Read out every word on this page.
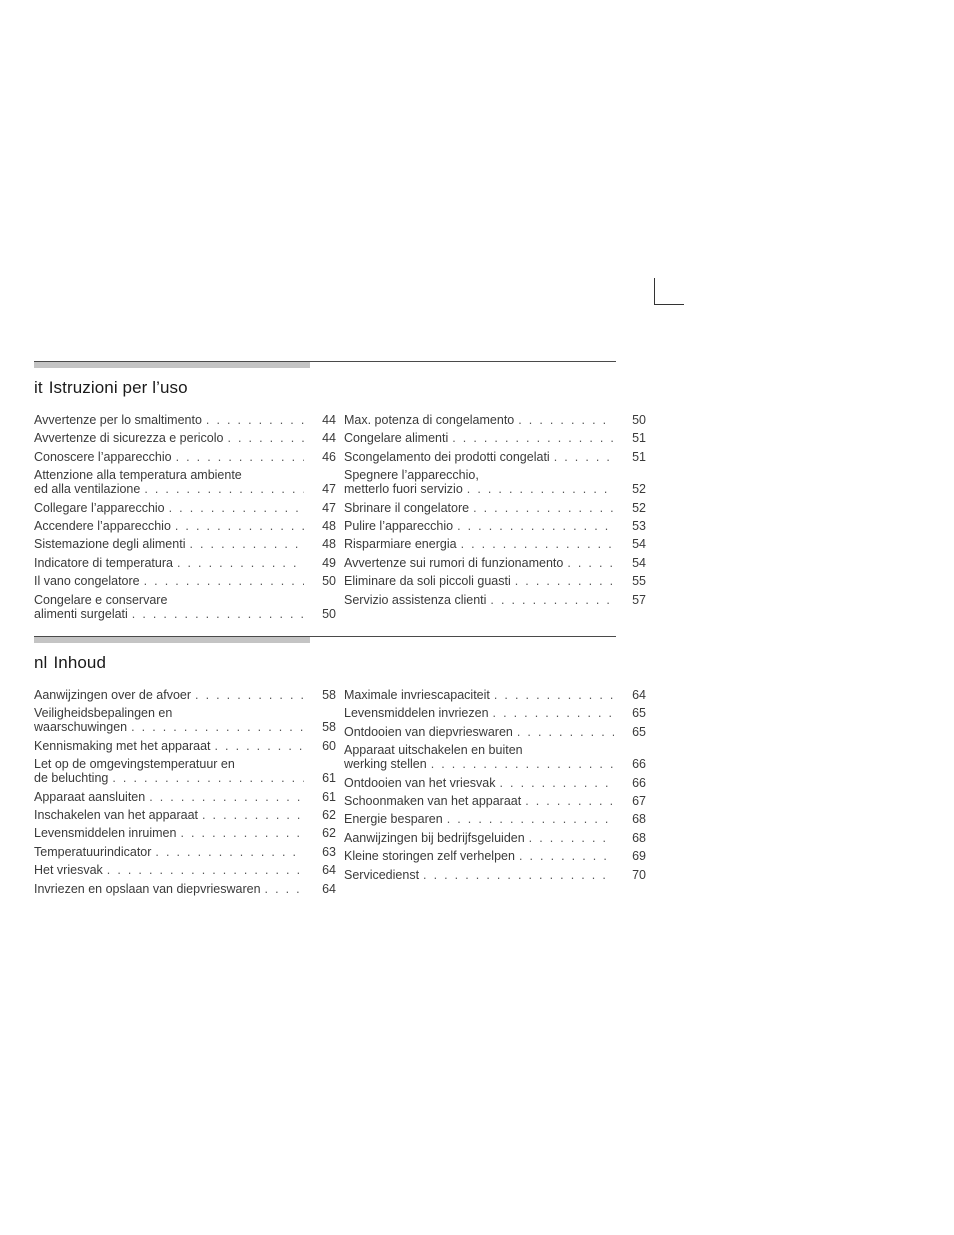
it Istruzioni per l’uso
Avvertenze per lo smaltimento . . .	44
Avvertenze di sicurezza e pericolo . . .	44
Conoscere l’apparecchio . . .	46
Attenzione alla temperatura ambiente
ed alla ventilazione . . .	47
Collegare l’apparecchio . . .	47
Accendere l’apparecchio . . .	48
Sistemazione degli alimenti . . .	48
Indicatore di temperatura . . .	49
Il vano congelatore . . .	50
Congelare e conservare
alimenti surgelati . . .	50
Max. potenza di congelamento . . .	50
Congelare alimenti . . .	51
Scongelamento dei prodotti congelati . . .	51
Spegnere l’apparecchio,
metterlo fuori servizio . . .	52
Sbrinare il congelatore . . .	52
Pulire l’apparecchio . . .	53
Risparmiare energia . . .	54
Avvertenze sui rumori di funzionamento . . .	54
Eliminare da soli piccoli guasti . . .	55
Servizio assistenza clienti . . .	57
nl Inhoud
Aanwijzingen over de afvoer . . .	58
Veiligheidsbepalingen en
waarschuwingen . . .	58
Kennismaking met het apparaat . . .	60
Let op de omgevingstemperatuur en
de beluchting . . .	61
Apparaat aansluiten . . .	61
Inschakelen van het apparaat . . .	62
Levensmiddelen inruimen . . .	62
Temperatuurindicator . . .	63
Het vriesvak . . .	64
Invriezen en opslaan van diepvrieswaren . . .	64
Maximale invriescapaciteit . . .	64
Levensmiddelen invriezen . . .	65
Ontdooien van diepvrieswaren . . .	65
Apparaat uitschakelen en buiten
werking stellen . . .	66
Ontdooien van het vriesvak . . .	66
Schoonmaken van het apparaat . . .	67
Energie besparen . . .	68
Aanwijzingen bij bedrijfsgeluiden . . .	68
Kleine storingen zelf verhelpen . . .	69
Servicedienst . . .	70
